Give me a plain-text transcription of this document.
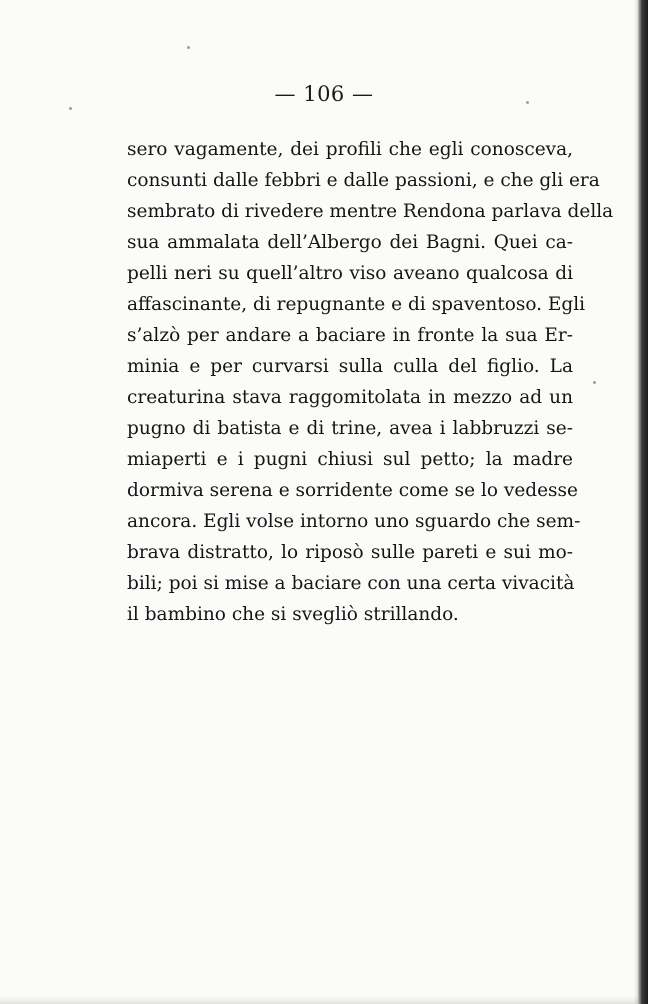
— 106 —
sero vagamente, dei profili che egli conosceva,
consunti dalle febbri e dalle passioni, e che gli era
sembrato di rivedere mentre Rendona parlava della
sua ammalata dell’Albergo dei Bagni. Quei ca-
pelli neri su quell’altro viso aveano qualcosa di
affascinante, di repugnante e di spaventoso. Egli
s’alzò per andare a baciare in fronte la sua Er-
minia e per curvarsi sulla culla del figlio. La
creaturina stava raggomitolata in mezzo ad un
pugno di batista e di trine, avea i labbruzzi se-
miaperti e i pugni chiusi sul petto; la madre
dormiva serena e sorridente come se lo vedesse
ancora. Egli volse intorno uno sguardo che sem-
brava distratto, lo riposò sulle pareti e sui mo-
bili; poi si mise a baciare con una certa vivacità
il bambino che si svegliò strillando.
